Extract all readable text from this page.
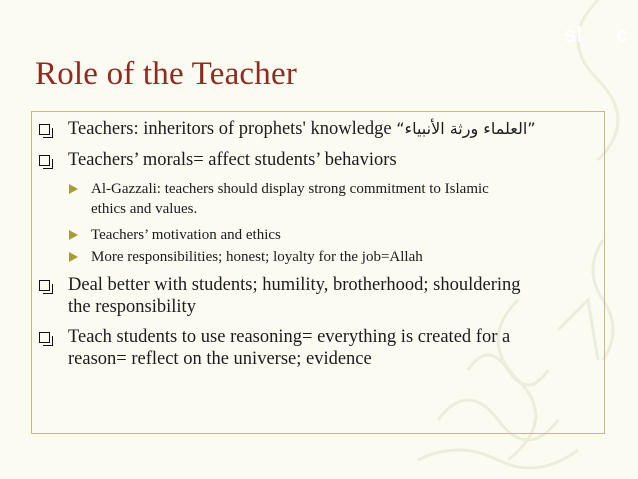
sl c
Role of the Teacher
Teachers: inheritors of prophets' knowledge ”العلماء ورثة الأنبياء“
Teachers’ morals= affect students’ behaviors
Al-Gazzali: teachers should display strong commitment to Islamic
ethics and values.
Teachers’ motivation and ethics
More responsibilities; honest; loyalty for the job=Allah
Deal better with students; humility, brotherhood; shouldering
the responsibility
Teach students to use reasoning= everything is created for a
reason= reflect on the universe; evidence
